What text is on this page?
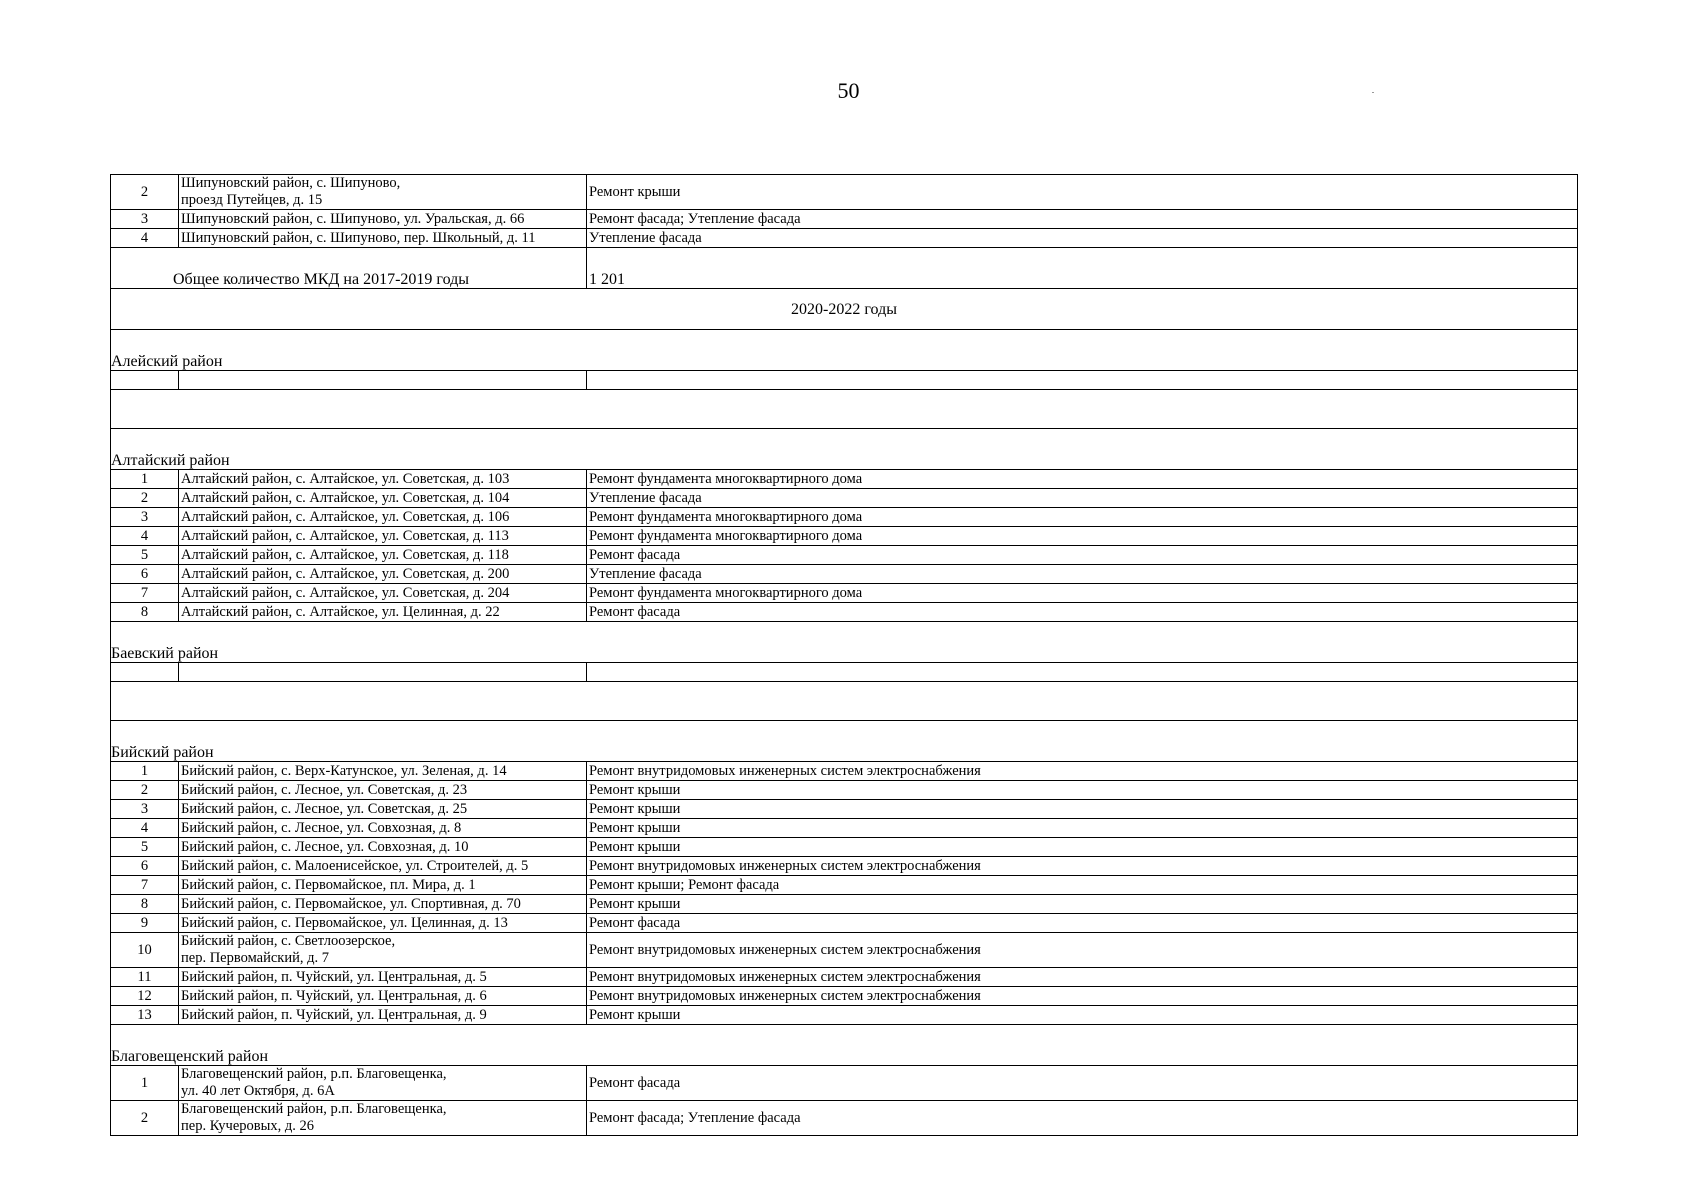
50
2	Шипуновский район, с. Шипуново,
проезд Путейцев, д. 15	Ремонт крыши
3	Шипуновский район, с. Шипуново, ул. Уральская, д. 66	Ремонт фасада; Утепление фасада
4	Шипуновский район, с. Шипуново, пер. Школьный, д. 11	Утепление фасада
Общее количество МКД на 2017-2019 годы		1 201
2020-2022 годы		
Алейский район		

Алтайский район		
1	Алтайский район, с. Алтайское, ул. Советская, д. 103	Ремонт фундамента многоквартирного дома
2	Алтайский район, с. Алтайское, ул. Советская, д. 104	Утепление фасада
3	Алтайский район, с. Алтайское, ул. Советская, д. 106	Ремонт фундамента многоквартирного дома
4	Алтайский район, с. Алтайское, ул. Советская, д. 113	Ремонт фундамента многоквартирного дома
5	Алтайский район, с. Алтайское, ул. Советская, д. 118	Ремонт фасада
6	Алтайский район, с. Алтайское, ул. Советская, д. 200	Утепление фасада
7	Алтайский район, с. Алтайское, ул. Советская, д. 204	Ремонт фундамента многоквартирного дома
8	Алтайский район, с. Алтайское, ул. Целинная, д. 22	Ремонт фасада
Баевский район		

Бийский район		
1	Бийский район, с. Верх-Катунское, ул. Зеленая, д. 14	Ремонт внутридомовых инженерных систем электроснабжения
2	Бийский район, с. Лесное, ул. Советская, д. 23	Ремонт крыши
3	Бийский район, с. Лесное, ул. Советская, д. 25	Ремонт крыши
4	Бийский район, с. Лесное, ул. Совхозная, д. 8	Ремонт крыши
5	Бийский район, с. Лесное, ул. Совхозная, д. 10	Ремонт крыши
6	Бийский район, с. Малоенисейское, ул. Строителей, д. 5	Ремонт внутридомовых инженерных систем электроснабжения
7	Бийский район, с. Первомайское, пл. Мира, д. 1	Ремонт крыши; Ремонт фасада
8	Бийский район, с. Первомайское, ул. Спортивная, д. 70	Ремонт крыши
9	Бийский район, с. Первомайское, ул. Целинная, д. 13	Ремонт фасада
10	Бийский район, с. Светлоозерское,
пер. Первомайский, д. 7	Ремонт внутридомовых инженерных систем электроснабжения
11	Бийский район, п. Чуйский, ул. Центральная, д. 5	Ремонт внутридомовых инженерных систем электроснабжения
12	Бийский район, п. Чуйский, ул. Центральная, д. 6	Ремонт внутридомовых инженерных систем электроснабжения
13	Бийский район, п. Чуйский, ул. Центральная, д. 9	Ремонт крыши
Благовещенский район		
1	Благовещенский район, р.п. Благовещенка,
ул. 40 лет Октября, д. 6А	Ремонт фасада
2	Благовещенский район, р.п. Благовещенка,
пер. Кучеровых, д. 26	Ремонт фасада; Утепление фасада
